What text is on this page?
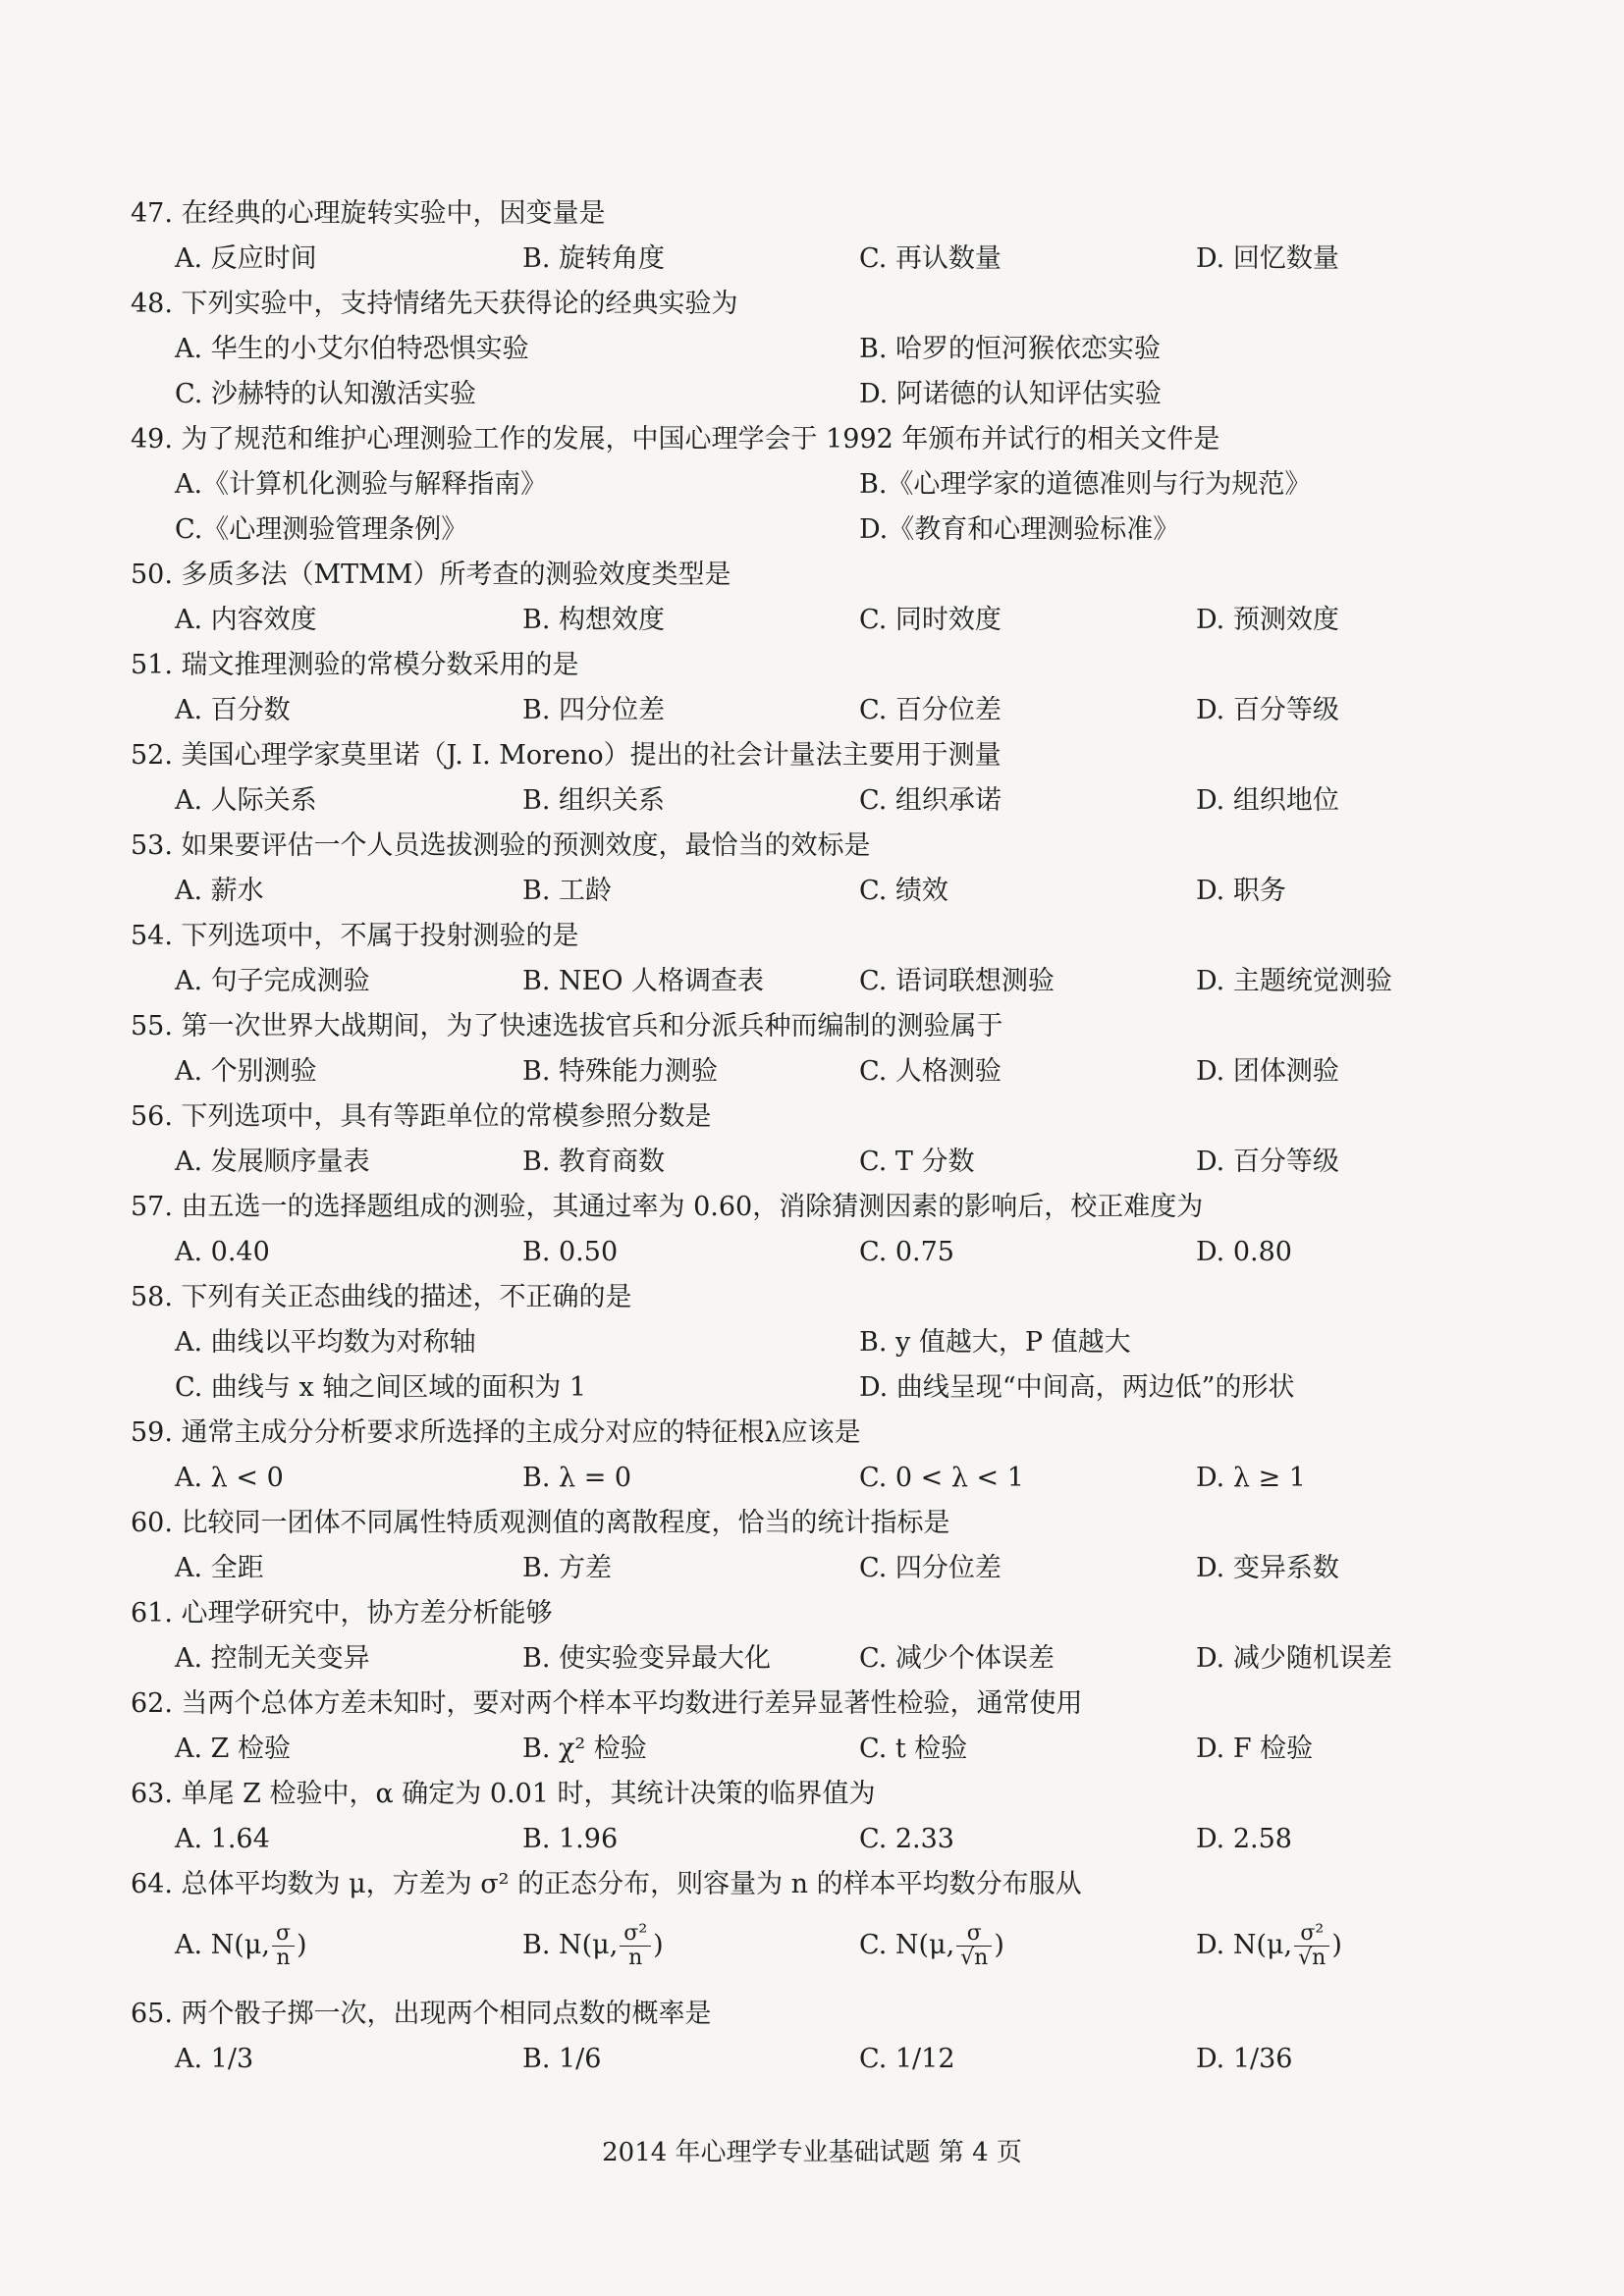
47. 在经典的心理旋转实验中，因变量是
A. 反应时间	B. 旋转角度	C. 再认数量	D. 回忆数量
48. 下列实验中，支持情绪先天获得论的经典实验为
A. 华生的小艾尔伯特恐惧实验	B. 哈罗的恒河猴依恋实验
C. 沙赫特的认知激活实验	D. 阿诺德的认知评估实验
49. 为了规范和维护心理测验工作的发展，中国心理学会于 1992 年颁布并试行的相关文件是
A.《计算机化测验与解释指南》	B.《心理学家的道德准则与行为规范》
C.《心理测验管理条例》	D.《教育和心理测验标准》
50. 多质多法（MTMM）所考查的测验效度类型是
A. 内容效度	B. 构想效度	C. 同时效度	D. 预测效度
51. 瑞文推理测验的常模分数采用的是
A. 百分数	B. 四分位差	C. 百分位差	D. 百分等级
52. 美国心理学家莫里诺（J. I. Moreno）提出的社会计量法主要用于测量
A. 人际关系	B. 组织关系	C. 组织承诺	D. 组织地位
53. 如果要评估一个人员选拔测验的预测效度，最恰当的效标是
A. 薪水	B. 工龄	C. 绩效	D. 职务
54. 下列选项中，不属于投射测验的是
A. 句子完成测验	B. NEO 人格调查表	C. 语词联想测验	D. 主题统觉测验
55. 第一次世界大战期间，为了快速选拔官兵和分派兵种而编制的测验属于
A. 个别测验	B. 特殊能力测验	C. 人格测验	D. 团体测验
56. 下列选项中，具有等距单位的常模参照分数是
A. 发展顺序量表	B. 教育商数	C. T 分数	D. 百分等级
57. 由五选一的选择题组成的测验，其通过率为 0.60，消除猜测因素的影响后，校正难度为
A. 0.40	B. 0.50	C. 0.75	D. 0.80
58. 下列有关正态曲线的描述，不正确的是
A. 曲线以平均数为对称轴	B. y 值越大，P 值越大
C. 曲线与 x 轴之间区域的面积为 1	D. 曲线呈现“中间高，两边低”的形状
59. 通常主成分分析要求所选择的主成分对应的特征根λ应该是
A. λ < 0	B. λ = 0	C. 0 < λ < 1	D. λ ≥ 1
60. 比较同一团体不同属性特质观测值的离散程度，恰当的统计指标是
A. 全距	B. 方差	C. 四分位差	D. 变异系数
61. 心理学研究中，协方差分析能够
A. 控制无关变异	B. 使实验变异最大化	C. 减少个体误差	D. 减少随机误差
62. 当两个总体方差未知时，要对两个样本平均数进行差异显著性检验，通常使用
A. Z 检验	B. χ² 检验	C. t 检验	D. F 检验
63. 单尾 Z 检验中，α 确定为 0.01 时，其统计决策的临界值为
A. 1.64	B. 1.96	C. 2.33	D. 2.58
64. 总体平均数为 μ，方差为 σ² 的正态分布，则容量为 n 的样本平均数分布服从
A. N(μ, $\frac{\sigma}{n}$ )	B. N(μ, $\frac{\text{σ²}}{n}$ )	C. N(μ, $\frac{\sigma}{√n}$ )	D. N(μ, $\frac{\text{σ²}}{√n}$ )
65. 两个骰子掷一次，出现两个相同点数的概率是
A. 1/3	B. 1/6	C. 1/12	D. 1/36
2014 年心理学专业基础试题 第 4 页
